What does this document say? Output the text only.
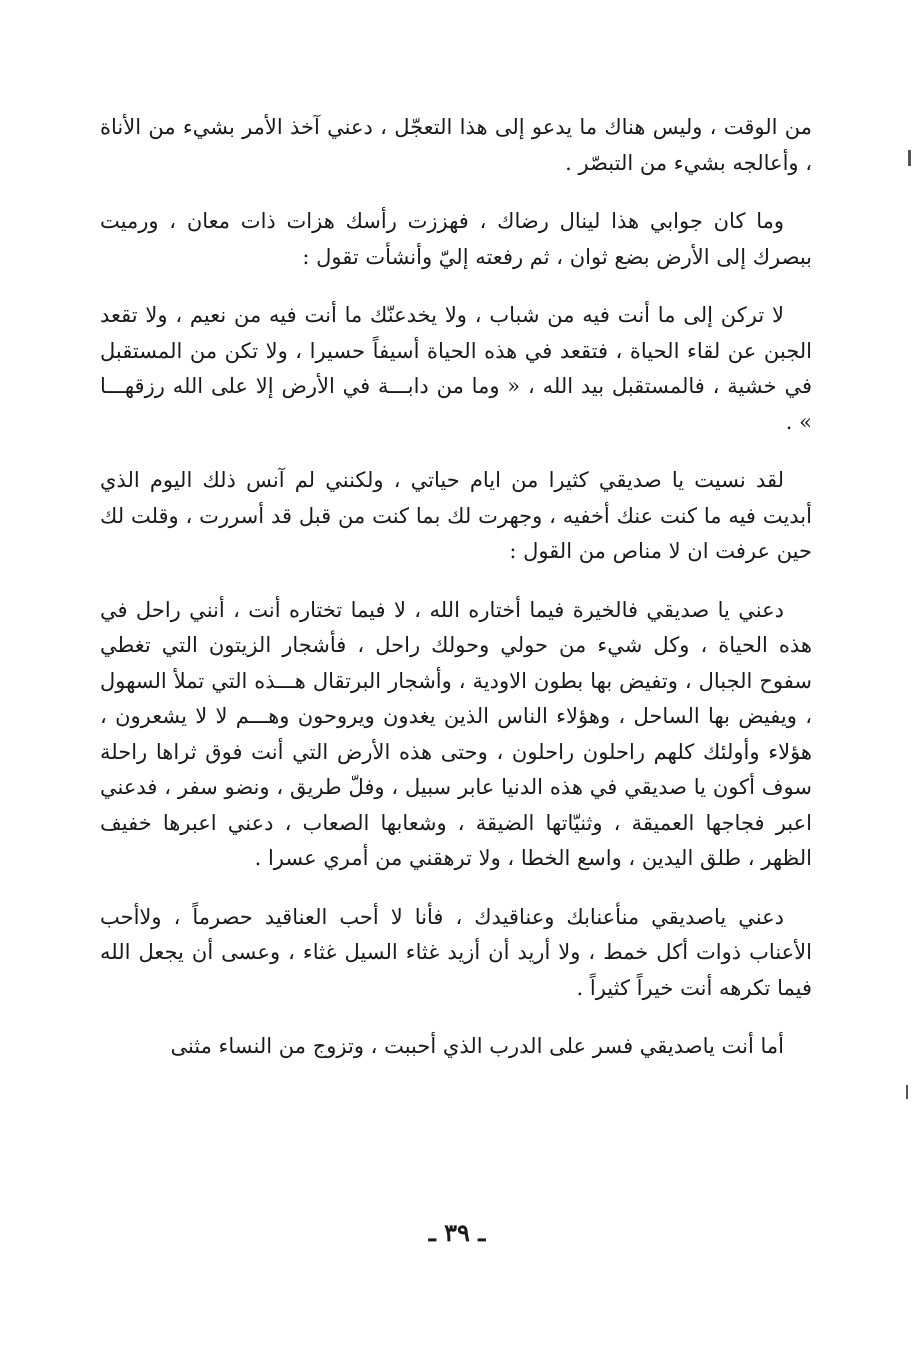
من الوقت ، وليس هناك ما يدعو إلى هذا التعجّل ، دعني آخذ الأمر بشيء من الأناة ، وأعالجه بشيء من التبصّر .

وما كان جوابي هذا لينال رضاك ، فهززت رأسك هزات ذات معان ، ورميت ببصرك إلى الأرض بضع ثوان ، ثم رفعته إليّ وأنشأت تقول :

لا تركن إلى ما أنت فيه من شباب ، ولا يخدعنّك ما أنت فيه من نعيم ، ولا تقعد الجبن عن لقاء الحياة ، فتقعد في هذه الحياة أسيفاً حسيرا ، ولا تكن من المستقبل في خشية ، فالمستقبل بيد الله ، « وما من دابـــة في الأرض إلا على الله رزقهـــا » .

لقد نسيت يا صديقي كثيرا من ايام حياتي ، ولكنني لم آنس ذلك اليوم الذي أبديت فيه ما كنت عنك أخفيه ، وجهرت لك بما كنت من قبل قد أسررت ، وقلت لك حين عرفت ان لا مناص من القول :

دعني يا صديقي فالخيرة فيما أختاره الله ، لا فيما تختاره أنت ، أنني راحل في هذه الحياة ، وكل شيء من حولي وحولك راحل ، فأشجار الزيتون التي تغطي سفوح الجبال ، وتفيض بها بطون الاودية ، وأشجار البرتقال هـــذه التي تملأ السهول ، ويفيض بها الساحل ، وهؤلاء الناس الذين يغدون ويروحون وهـــم لا لا يشعرون ، هؤلاء وأولئك كلهم راحلون راحلون ، وحتى هذه الأرض التي أنت فوق ثراها راحلة سوف أكون يا صديقي في هذه الدنيا عابر سبيل ، وفلّ طريق ، ونضو سفر ، فدعني اعبر فجاجها العميقة ، وثنيّاتها الضيقة ، وشعابها الصعاب ، دعني اعبرها خفيف الظهر ، طلق اليدين ، واسع الخطا ، ولا ترهقني من أمري عسرا .

دعني ياصديقي منأعنابك وعناقيدك ، فأنا لا أحب العناقيد حصرماً ، ولاأحب الأعناب ذوات أكل خمط ، ولا أريد أن أزيد غثاء السيل غثاء ، وعسى أن يجعل الله فيما تكرهه أنت خيراً كثيراً .

أما أنت ياصديقي فسر على الدرب الذي أحببت ، وتزوج من النساء مثنى

ـ ٣٩ ـ
